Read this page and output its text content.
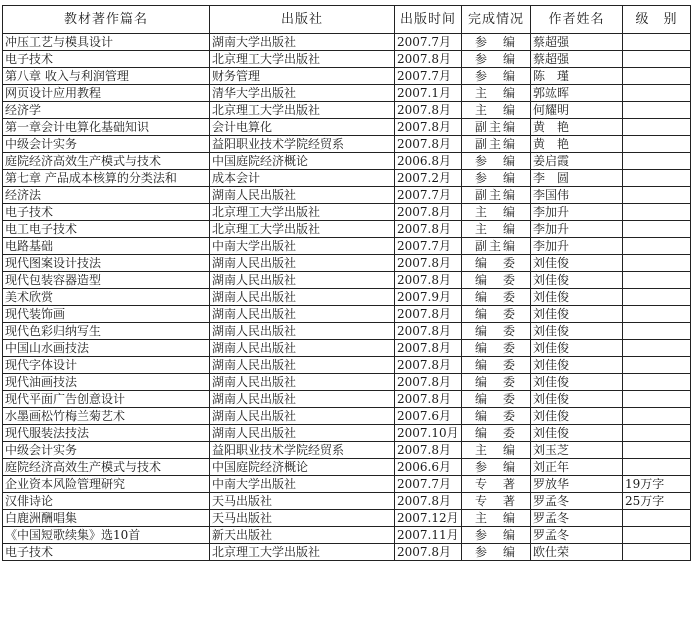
教材著作篇名	出版社	出版时间	完成情况	作者姓名	级　别
冲压工艺与模具设计	湖南大学出版社	2007.7月	参　编	蔡超强	
电子技术	北京理工大学出版社	2007.8月	参　编	蔡超强	
第八章 收入与利润管理	财务管理	2007.7月	参　编	陈　瑾	
网页设计应用教程	清华大学出版社	2007.1月	主　编	郭竑晖	
经济学	北京理工大学出版社	2007.8月	主　编	何耀明	
第一章会计电算化基础知识	会计电算化	2007.8月	副主编	黄　艳	
中级会计实务	益阳职业技术学院经贸系	2007.8月	副主编	黄　艳	
庭院经济高效生产模式与技术	中国庭院经济概论	2006.8月	参　编	姜启霞	
第七章 产品成本核算的分类法和	成本会计	2007.2月	参　编	李　圆	
经济法	湖南人民出版社	2007.7月	副主编	李国伟	
电子技术	北京理工大学出版社	2007.8月	主　编	李加升	
电工电子技术	北京理工大学出版社	2007.8月	主　编	李加升	
电路基础	中南大学出版社	2007.7月	副主编	李加升	
现代图案设计技法	湖南人民出版社	2007.8月	编　委	刘佳俊	
现代包装容器造型	湖南人民出版社	2007.8月	编　委	刘佳俊	
美术欣赏	湖南人民出版社	2007.9月	编　委	刘佳俊	
现代装饰画	湖南人民出版社	2007.8月	编　委	刘佳俊	
现代色彩归纳写生	湖南人民出版社	2007.8月	编　委	刘佳俊	
中国山水画技法	湖南人民出版社	2007.8月	编　委	刘佳俊	
现代字体设计	湖南人民出版社	2007.8月	编　委	刘佳俊	
现代油画技法	湖南人民出版社	2007.8月	编　委	刘佳俊	
现代平面广告创意设计	湖南人民出版社	2007.8月	编　委	刘佳俊	
水墨画松竹梅兰菊艺术	湖南人民出版社	2007.6月	编　委	刘佳俊	
现代服装法技法	湖南人民出版社	2007.10月	编　委	刘佳俊	
中级会计实务	益阳职业技术学院经贸系	2007.8月	主　编	刘玉芝	
庭院经济高效生产模式与技术	中国庭院经济概论	2006.6月	参　编	刘正年	
企业资本风险管理研究	中南大学出版社	2007.7月	专　著	罗放华	19万字
汉俳诗论	天马出版社	2007.8月	专　著	罗孟冬	25万字
白鹿洲酬唱集	天马出版社	2007.12月	主　编	罗孟冬	
《中国短歌续集》选10首	新天出版社	2007.11月	参　编	罗孟冬	
电子技术	北京理工大学出版社	2007.8月	参　编	欧仕荣	
